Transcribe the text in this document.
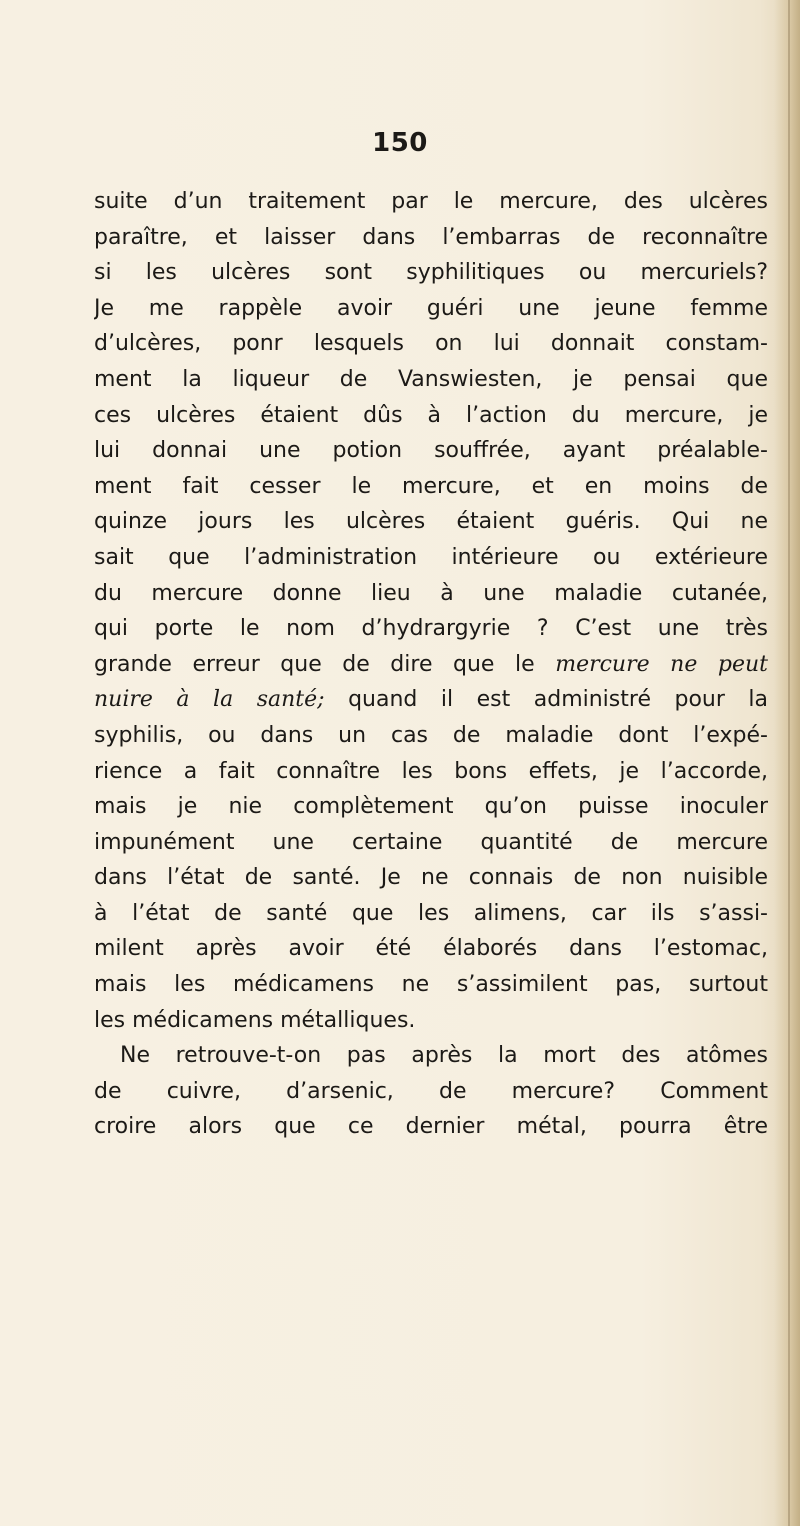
150
suite d’un traitement par le mercure, des ulcères
paraître, et laisser dans l’embarras de reconnaître
si les ulcères sont syphilitiques ou mercuriels?
Je me rappèle avoir guéri une jeune femme
d’ulcères, ponr lesquels on lui donnait constam-
ment la liqueur de Vanswiesten, je pensai que
ces ulcères étaient dûs à l’action du mercure, je
lui donnai une potion souffrée, ayant préalable-
ment fait cesser le mercure, et en moins de
quinze jours les ulcères étaient guéris. Qui ne
sait que l’administration intérieure ou extérieure
du mercure donne lieu à une maladie cutanée,
qui porte le nom d’hydrargyrie ? C’est une très
grande erreur que de dire que le mercure ne peut
nuire à la santé; quand il est administré pour la
syphilis, ou dans un cas de maladie dont l’expé-
rience a fait connaître les bons effets, je l’accorde,
mais je nie complètement qu’on puisse inoculer
impunément une certaine quantité de mercure
dans l’état de santé. Je ne connais de non nuisible
à l’état de santé que les alimens, car ils s’assi-
milent après avoir été élaborés dans l’estomac,
mais les médicamens ne s’assimilent pas, surtout
les médicamens métalliques.
Ne retrouve-t-on pas après la mort des atômes
de cuivre, d’arsenic, de mercure? Comment
croire alors que ce dernier métal, pourra être
